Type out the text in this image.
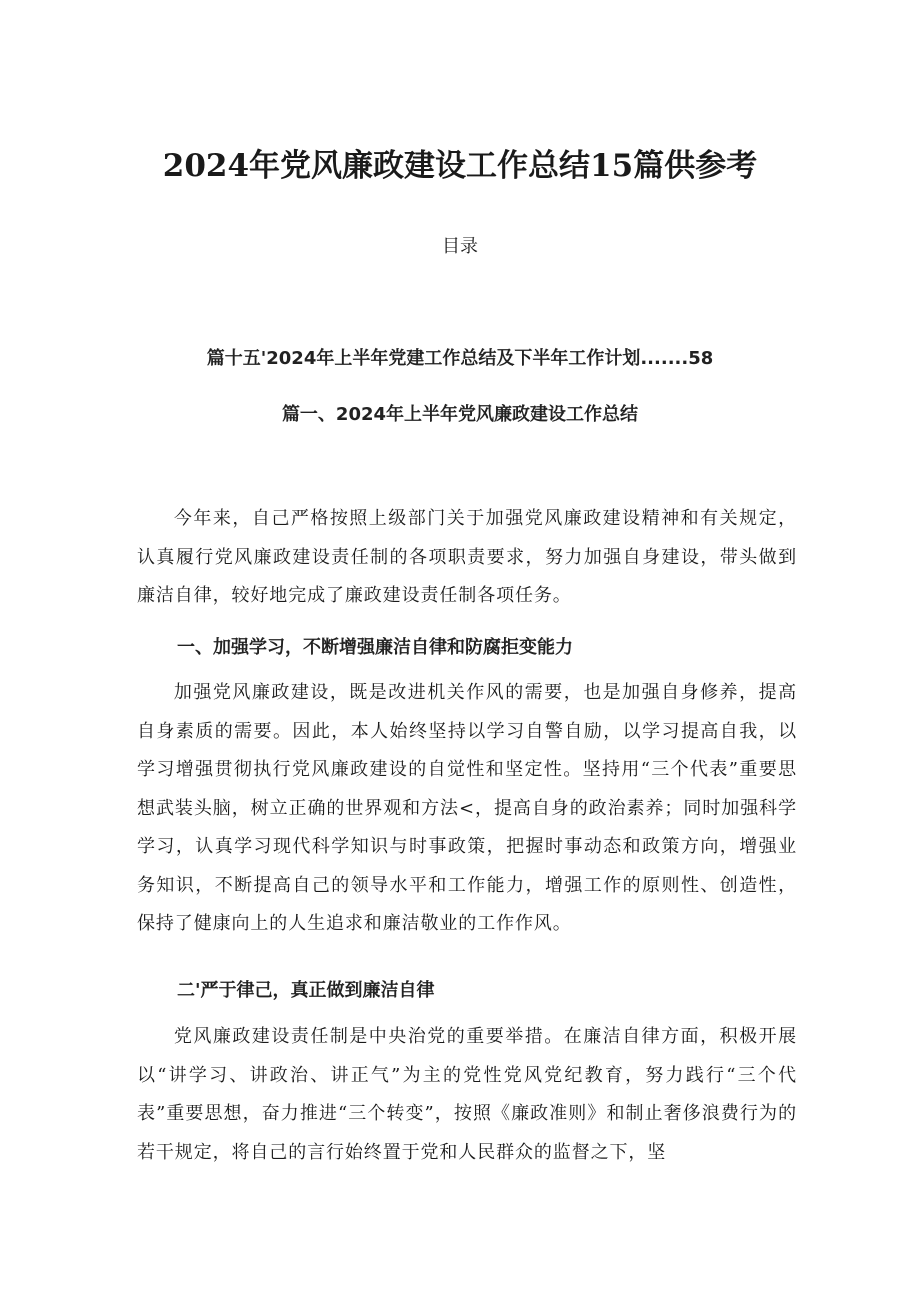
2024年党风廉政建设工作总结15篇供参考
目录
篇十五'2024年上半年党建工作总结及下半年工作计划.......58
篇一、2024年上半年党风廉政建设工作总结

今年来，自己严格按照上级部门关于加强党风廉政建设精神和有关规定，认真履行党风廉政建设责任制的各项职责要求，努力加强自身建设，带头做到廉洁自律，较好地完成了廉政建设责任制各项任务。

一、加强学习，不断增强廉洁自律和防腐拒变能力

加强党风廉政建设，既是改进机关作风的需要，也是加强自身修养，提高自身素质的需要。因此，本人始终坚持以学习自警自励，以学习提高自我，以学习增强贯彻执行党风廉政建设的自觉性和坚定性。坚持用“三个代表”重要思想武装头脑，树立正确的世界观和方法<，提高自身的政治素养；同时加强科学学习，认真学习现代科学知识与时事政策，把握时事动态和政策方向，增强业务知识，不断提高自己的领导水平和工作能力，增强工作的原则性、创造性，保持了健康向上的人生追求和廉洁敬业的工作作风。

二'严于律己，真正做到廉洁自律

党风廉政建设责任制是中央治党的重要举措。在廉洁自律方面，积极开展以“讲学习、讲政治、讲正气”为主的党性党风党纪教育，努力践行“三个代表”重要思想，奋力推进“三个转变”，按照《廉政准则》和制止奢侈浪费行为的若干规定，将自己的言行始终置于党和人民群众的监督之下，坚
